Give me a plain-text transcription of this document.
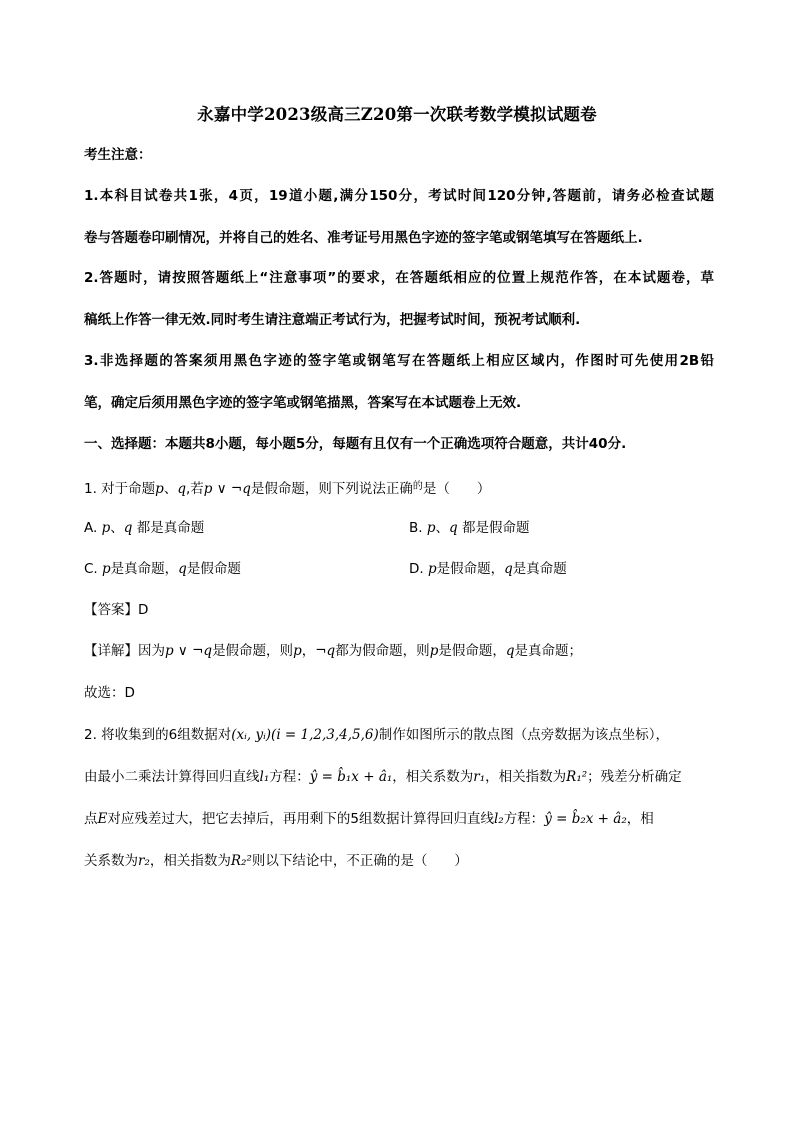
永嘉中学2023级高三Z20第一次联考数学模拟试题卷
考生注意：
1.本科目试卷共1张，4页，19道小题,满分150分，考试时间120分钟,答题前，请务必检查试题
卷与答题卷印刷情况，并将自己的姓名、准考证号用黑色字迹的签字笔或钢笔填写在答题纸上.
2.答题时，请按照答题纸上“注意事项”的要求，在答题纸相应的位置上规范作答，在本试题卷，草
稿纸上作答一律无效.同时考生请注意端正考试行为，把握考试时间，预祝考试顺利.
3.非选择题的答案须用黑色字迹的签字笔或钢笔写在答题纸上相应区域内，作图时可先使用2B铅
笔，确定后须用黑色字迹的签字笔或钢笔描黑，答案写在本试题卷上无效.
一、选择题：本题共8小题，每小题5分，每题有且仅有一个正确选项符合题意，共计40分.
1. 对于命题p、q,若p ∨ ¬q是假命题，则下列说法正确$^的$是（　　）
A. p、q 都是真命题	B. p、q 都是假命题
C. p是真命题，q是假命题	D. p是假命题，q是真命题
【答案】D
【详解】因为p ∨ ¬q是假命题，则p，¬q都为假命题，则p是假命题，q是真命题；
故选：D
2. 将收集到的6组数据对(xᵢ, yᵢ)(i = 1,2,3,4,5,6)制作如图所示的散点图（点旁数据为该点坐标），
由最小二乘法计算得回归直线l₁方程：ŷ = b̂₁x + â₁，相关系数为r₁，相关指数为R₁²；残差分析确定
点E对应残差过大，把它去掉后，再用剩下的5组数据计算得回归直线l₂方程：ŷ = b̂₂x + â₂，相
关系数为r₂，相关指数为R₂²则以下结论中，不正确的是（　　）
